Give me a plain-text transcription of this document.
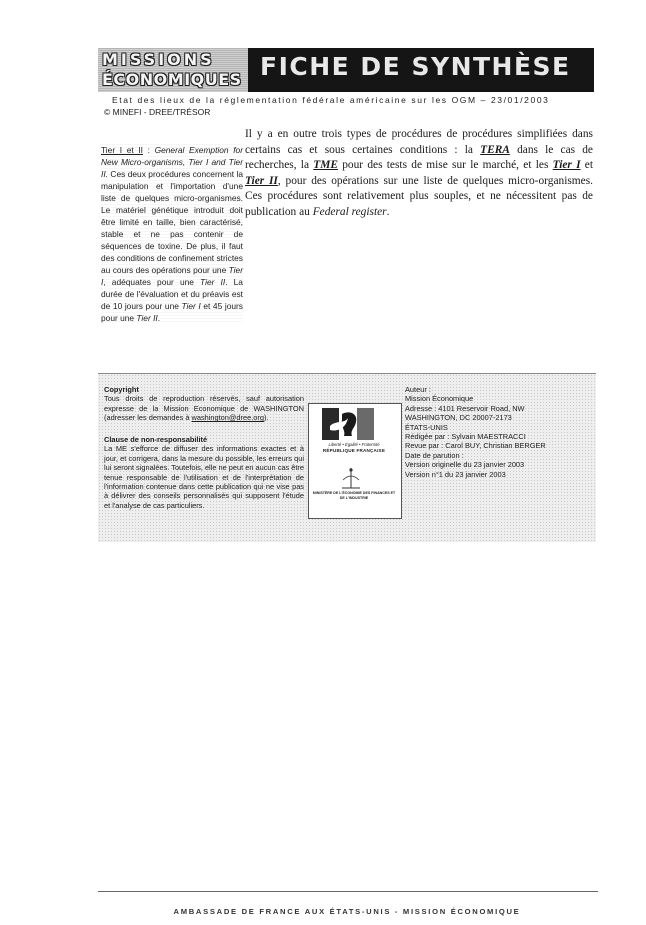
MISSIONS
ÉCONOMIQUES FICHE DE SYNTHÈSE
Etat des lieux de la réglementation fédérale américaine sur les OGM – 23/01/2003
© MINEFI - DREE/TRÉSOR
Tier I et II : General Exemption for New Micro-organisms, Tier I and Tier II. Ces deux procédures concernent la manipulation et l'importation d'une liste de quelques micro-organismes. Le matériel génétique introduit doit être limité en taille, bien caractérisé, stable et ne pas contenir de séquences de toxine. De plus, il faut des conditions de confinement strictes au cours des opérations pour une Tier I, adéquates pour une Tier II. La durée de l'évaluation et du préavis est de 10 jours pour une Tier I et 45 jours pour une Tier II.
Il y a en outre trois types de procédures de procédures simplifiées dans certains cas et sous certaines conditions : la TERA dans le cas de recherches, la TME pour des tests de mise sur le marché, et les Tier I et Tier II, pour des opérations sur une liste de quelques micro-organismes. Ces procédures sont relativement plus souples, et ne nécessitent pas de publication au Federal register.
Copyright
Tous droits de reproduction réservés, sauf autorisation expresse de la Mission Economique de WASHINGTON (adresser les demandes à washington@dree.org).
Clause de non-responsabilité
La ME s'efforce de diffuser des informations exactes et à jour, et corrigera, dans la mesure du possible, les erreurs qui lui seront signalées. Toutefois, elle ne peut en aucun cas être tenue responsable de l'utilisation et de l'interprétation de l'information contenue dans cette publication qui ne vise pas à délivrer des conseils personnalisés qui supposent l'étude et l'analyse de cas particuliers.
Liberté • Égalité • Fraternité
RÉPUBLIQUE FRANÇAISE
MINISTÈRE DE L'ÉCONOMIE DES FINANCES ET DE L'INDUSTRIE
Auteur :
Mission Économique
Adresse : 4101 Reservoir Road, NW
WASHINGTON, DC 20007-2173
ÉTATS-UNIS
Rédigée par : Sylvain MAESTRACCI
Revue par : Carol BUY, Christian BERGER
Date de parution :
Version originelle du 23 janvier 2003
Version n°1 du 23 janvier 2003
AMBASSADE DE FRANCE AUX ÉTATS-UNIS - MISSION ÉCONOMIQUE
